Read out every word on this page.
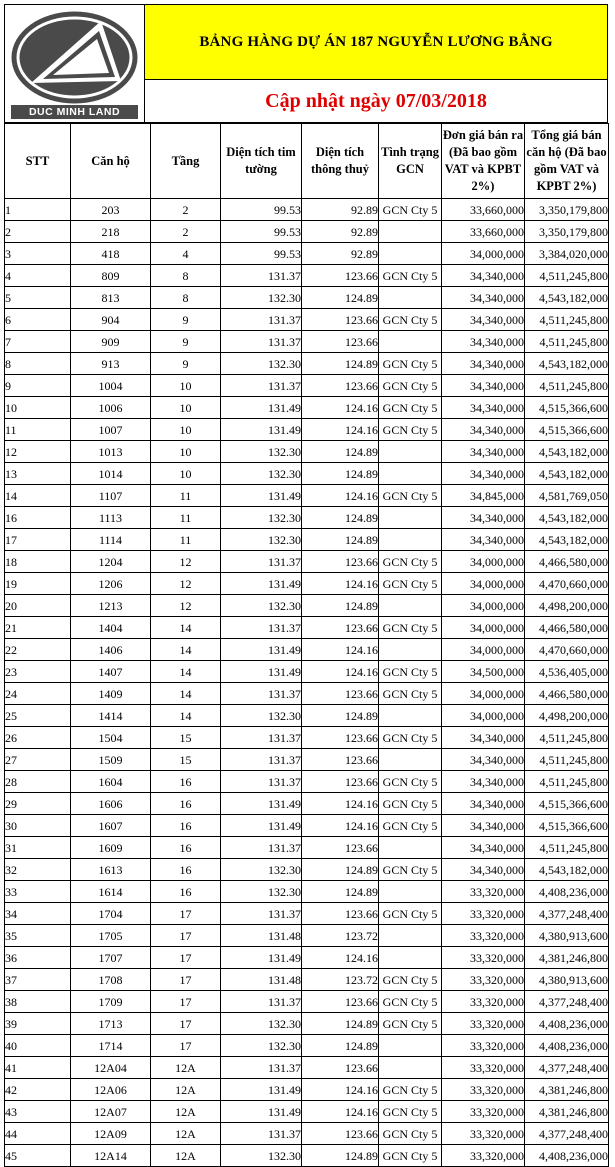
DUC MINH LAND
BẢNG HÀNG DỰ ÁN 187 NGUYỄN LƯƠNG BẰNG
Cập nhật ngày 07/03/2018
STT	Căn hộ	Tầng	Diện tích tim tường	Diện tích thông thuỷ	Tình trạng GCN	Đơn giá bán ra (Đã bao gồm VAT và KPBT 2%)	Tổng giá bán căn hộ (Đã bao gồm VAT và KPBT 2%)
1	203	2	99.53	92.89	GCN Cty 5	33,660,000	3,350,179,800
2	218	2	99.53	92.89		33,660,000	3,350,179,800
3	418	4	99.53	92.89		34,000,000	3,384,020,000
4	809	8	131.37	123.66	GCN Cty 5	34,340,000	4,511,245,800
5	813	8	132.30	124.89		34,340,000	4,543,182,000
6	904	9	131.37	123.66	GCN Cty 5	34,340,000	4,511,245,800
7	909	9	131.37	123.66		34,340,000	4,511,245,800
8	913	9	132.30	124.89	GCN Cty 5	34,340,000	4,543,182,000
9	1004	10	131.37	123.66	GCN Cty 5	34,340,000	4,511,245,800
10	1006	10	131.49	124.16	GCN Cty 5	34,340,000	4,515,366,600
11	1007	10	131.49	124.16	GCN Cty 5	34,340,000	4,515,366,600
12	1013	10	132.30	124.89		34,340,000	4,543,182,000
13	1014	10	132.30	124.89		34,340,000	4,543,182,000
14	1107	11	131.49	124.16	GCN Cty 5	34,845,000	4,581,769,050
16	1113	11	132.30	124.89		34,340,000	4,543,182,000
17	1114	11	132.30	124.89		34,340,000	4,543,182,000
18	1204	12	131.37	123.66	GCN Cty 5	34,000,000	4,466,580,000
19	1206	12	131.49	124.16	GCN Cty 5	34,000,000	4,470,660,000
20	1213	12	132.30	124.89		34,000,000	4,498,200,000
21	1404	14	131.37	123.66	GCN Cty 5	34,000,000	4,466,580,000
22	1406	14	131.49	124.16		34,000,000	4,470,660,000
23	1407	14	131.49	124.16	GCN Cty 5	34,500,000	4,536,405,000
24	1409	14	131.37	123.66	GCN Cty 5	34,000,000	4,466,580,000
25	1414	14	132.30	124.89		34,000,000	4,498,200,000
26	1504	15	131.37	123.66	GCN Cty 5	34,340,000	4,511,245,800
27	1509	15	131.37	123.66		34,340,000	4,511,245,800
28	1604	16	131.37	123.66	GCN Cty 5	34,340,000	4,511,245,800
29	1606	16	131.49	124.16	GCN Cty 5	34,340,000	4,515,366,600
30	1607	16	131.49	124.16	GCN Cty 5	34,340,000	4,515,366,600
31	1609	16	131.37	123.66		34,340,000	4,511,245,800
32	1613	16	132.30	124.89	GCN Cty 5	34,340,000	4,543,182,000
33	1614	16	132.30	124.89		33,320,000	4,408,236,000
34	1704	17	131.37	123.66	GCN Cty 5	33,320,000	4,377,248,400
35	1705	17	131.48	123.72		33,320,000	4,380,913,600
36	1707	17	131.49	124.16		33,320,000	4,381,246,800
37	1708	17	131.48	123.72	GCN Cty 5	33,320,000	4,380,913,600
38	1709	17	131.37	123.66	GCN Cty 5	33,320,000	4,377,248,400
39	1713	17	132.30	124.89	GCN Cty 5	33,320,000	4,408,236,000
40	1714	17	132.30	124.89		33,320,000	4,408,236,000
41	12A04	12A	131.37	123.66		33,320,000	4,377,248,400
42	12A06	12A	131.49	124.16	GCN Cty 5	33,320,000	4,381,246,800
43	12A07	12A	131.49	124.16	GCN Cty 5	33,320,000	4,381,246,800
44	12A09	12A	131.37	123.66	GCN Cty 5	33,320,000	4,377,248,400
45	12A14	12A	132.30	124.89	GCN Cty 5	33,320,000	4,408,236,000
